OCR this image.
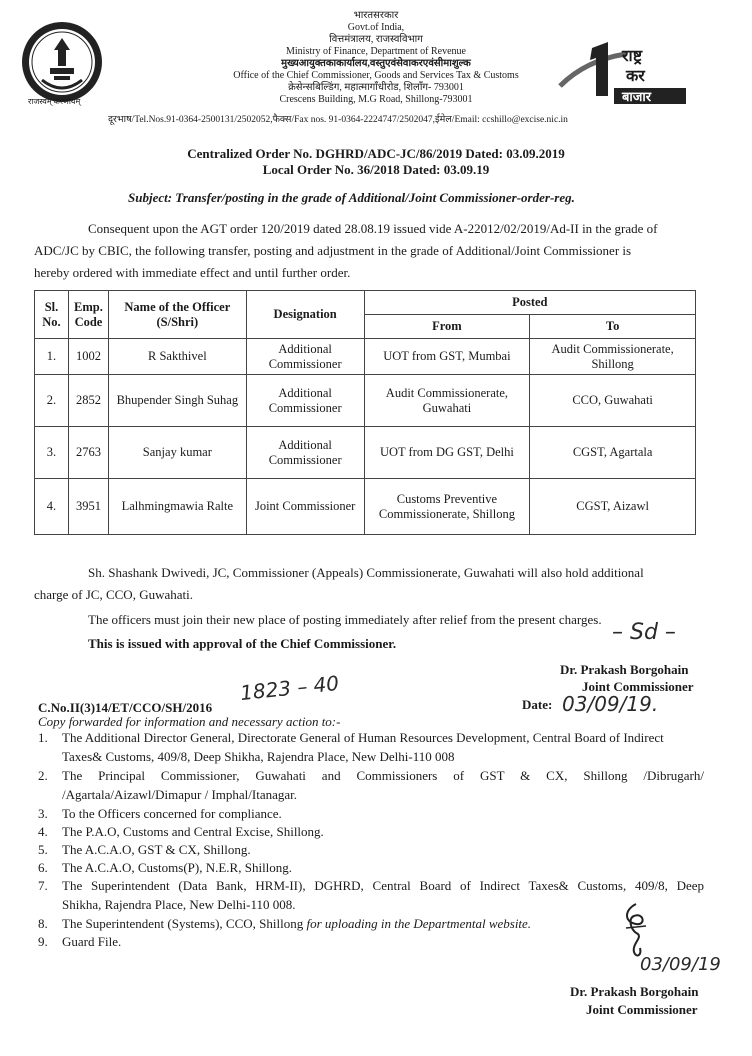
राजस्वम् करणीयम्
भारतसरकार
Govt.of India,
वित्तमंत्रालय, राजस्वविभाग
Ministry of Finance, Department of Revenue
मुख्यआयुक्तकाकार्यालय,वस्तुएवंसेवाकरएवंसीमाशुल्क
Office of the Chief Commissioner, Goods and Services Tax & Customs
क्रेसेन्सबिल्डिंग, महात्मागाँधीरोड, शिलाँग- 793001
Crescens Building, M.G Road, Shillong-793001
दूरभाष/Tel.Nos.91-0364-2500131/2502052,फैक्स/Fax nos. 91-0364-2224747/2502047,ईमेल/Email: ccshillo@excise.nic.in
राष्ट्र
कर
बाजार
Centralized Order No. DGHRD/ADC-JC/86/2019 Dated: 03.09.2019
Local Order No. 36/2018 Dated: 03.09.19
Subject: Transfer/posting in the grade of Additional/Joint Commissioner-order-reg.
Consequent upon the AGT order 120/2019 dated 28.08.19 issued vide A-22012/02/2019/Ad-II in the grade of
ADC/JC by CBIC, the following transfer, posting and adjustment in the grade of Additional/Joint Commissioner is
hereby ordered with immediate effect and until further order.
Sl. No.	Emp. Code	Name of the Officer (S/Shri)	Designation	Posted	
				From	To
1.	1002	R Sakthivel	Additional Commissioner	UOT from GST, Mumbai	Audit Commissionerate, Shillong
2.	2852	Bhupender Singh Suhag	Additional Commissioner	Audit Commissionerate, Guwahati	CCO, Guwahati
3.	2763	Sanjay kumar	Additional Commissioner	UOT from DG GST, Delhi	CGST, Agartala
4.	3951	Lalhmingmawia Ralte	Joint Commissioner	Customs Preventive Commissionerate, Shillong	CGST, Aizawl
Sh. Shashank Dwivedi, JC, Commissioner (Appeals) Commissionerate, Guwahati will also hold additional
charge of JC, CCO, Guwahati.
The officers must join their new place of posting immediately after relief from the present charges.
This is issued with approval of the Chief Commissioner.	– Sd –
Dr. Prakash Borgohain
Joint Commissioner
C.No.II(3)14/ET/CCO/SH/2016
1823 – 40	Date: 03/09/19.
Copy forwarded for information and necessary action to:-
1.	The Additional Director General, Directorate General of Human Resources Development, Central Board of Indirect
Taxes& Customs, 409/8, Deep Shikha, Rajendra Place, New Delhi-110 008
2.	The Principal Commissioner, Guwahati and Commissioners of GST & CX, Shillong /Dibrugarh/
/Agartala/Aizawl/Dimapur / Imphal/Itanagar.
3.	To the Officers concerned for compliance.
4.	The P.A.O, Customs and Central Excise, Shillong.
5.	The A.C.A.O, GST & CX, Shillong.
6.	The A.C.A.O, Customs(P), N.E.R, Shillong.
7.	The Superintendent (Data Bank, HRM-II), DGHRD, Central Board of Indirect Taxes& Customs, 409/8, Deep
Shikha, Rajendra Place, New Delhi-110 008.
8.	The Superintendent (Systems), CCO, Shillong for uploading in the Departmental website.
9.	Guard File.
03/09/19
Dr. Prakash Borgohain
Joint Commissioner
